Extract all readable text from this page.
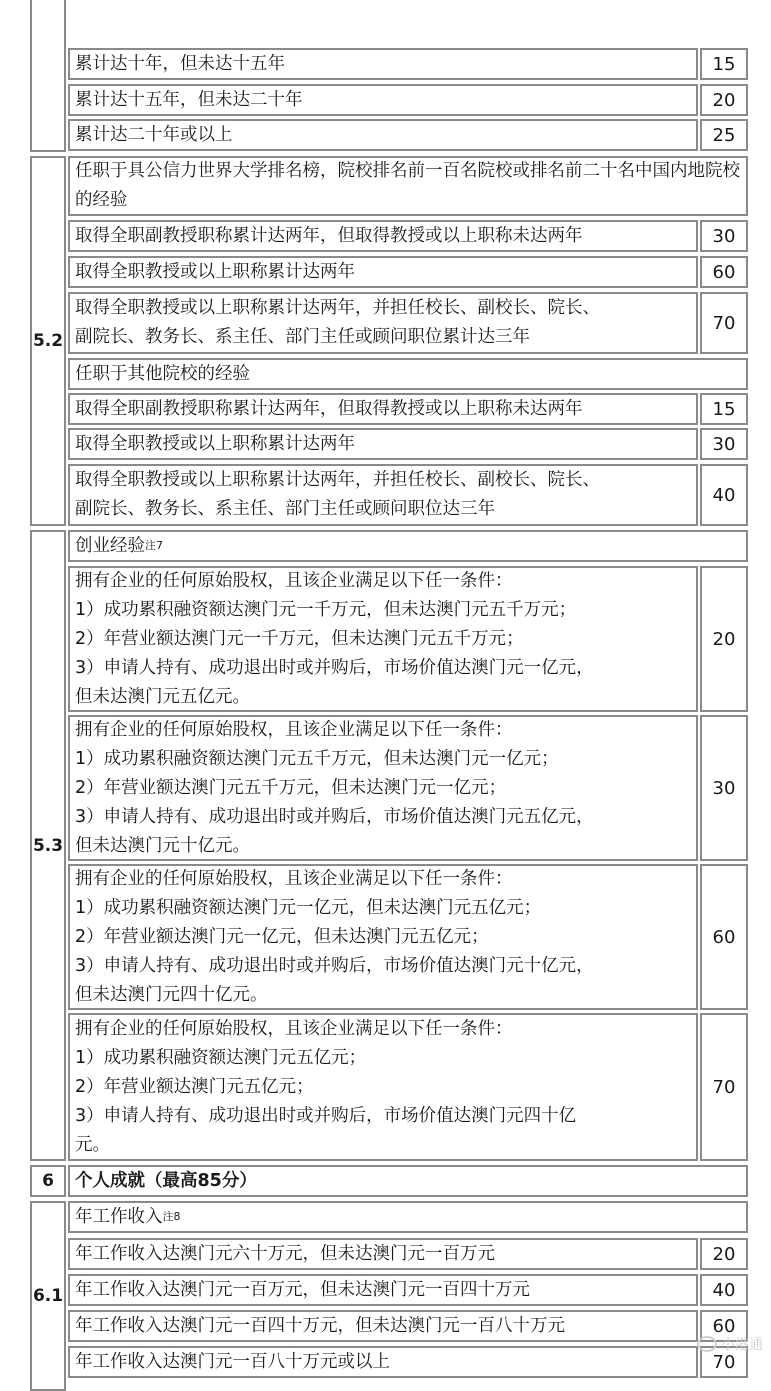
累计达十年，但未达十五年	15
累计达十五年，但未达二十年	20
累计达二十年或以上	25
5.2
任职于具公信力世界大学排名榜，院校排名前一百名院校或排名前二十名中国内地院校的经验
取得全职副教授职称累计达两年，但取得教授或以上职称未达两年	30
取得全职教授或以上职称累计达两年	60
取得全职教授或以上职称累计达两年，并担任校长、副校长、院长、
副院长、教务长、系主任、部门主任或顾问职位累计达三年
70
任职于其他院校的经验
取得全职副教授职称累计达两年，但取得教授或以上职称未达两年	15
取得全职教授或以上职称累计达两年	30
取得全职教授或以上职称累计达两年，并担任校长、副校长、院长、
副院长、教务长、系主任、部门主任或顾问职位达三年
40
5.3
创业经验 注7
拥有企业的任何原始股权，且该企业满足以下任一条件：
1）成功累积融资额达澳门元一千万元，但未达澳门元五千万元；
2）年营业额达澳门元一千万元，但未达澳门元五千万元；
3）申请人持有、成功退出时或并购后，市场价值达澳门元一亿元，
但未达澳门元五亿元。
20
拥有企业的任何原始股权，且该企业满足以下任一条件：
1）成功累积融资额达澳门元五千万元，但未达澳门元一亿元；
2）年营业额达澳门元五千万元，但未达澳门元一亿元；
3）申请人持有、成功退出时或并购后，市场价值达澳门元五亿元，
但未达澳门元十亿元。
30
拥有企业的任何原始股权，且该企业满足以下任一条件：
1）成功累积融资额达澳门元一亿元，但未达澳门元五亿元；
2）年营业额达澳门元一亿元，但未达澳门元五亿元；
3）申请人持有、成功退出时或并购后，市场价值达澳门元十亿元，
但未达澳门元四十亿元。
60
拥有企业的任何原始股权，且该企业满足以下任一条件：
1）成功累积融资额达澳门元五亿元；
2）年营业额达澳门元五亿元；
3）申请人持有、成功退出时或并购后，市场价值达澳门元四十亿
元。
70
6	个人成就（最高85分）
6.1
年工作收入 注8
年工作收入达澳门元六十万元，但未达澳门元一百万元	20
年工作收入达澳门元一百万元，但未达澳门元一百四十万元	40
年工作收入达澳门元一百四十万元，但未达澳门元一百八十万元	60
年工作收入达澳门元一百八十万元或以上	70
小港通
